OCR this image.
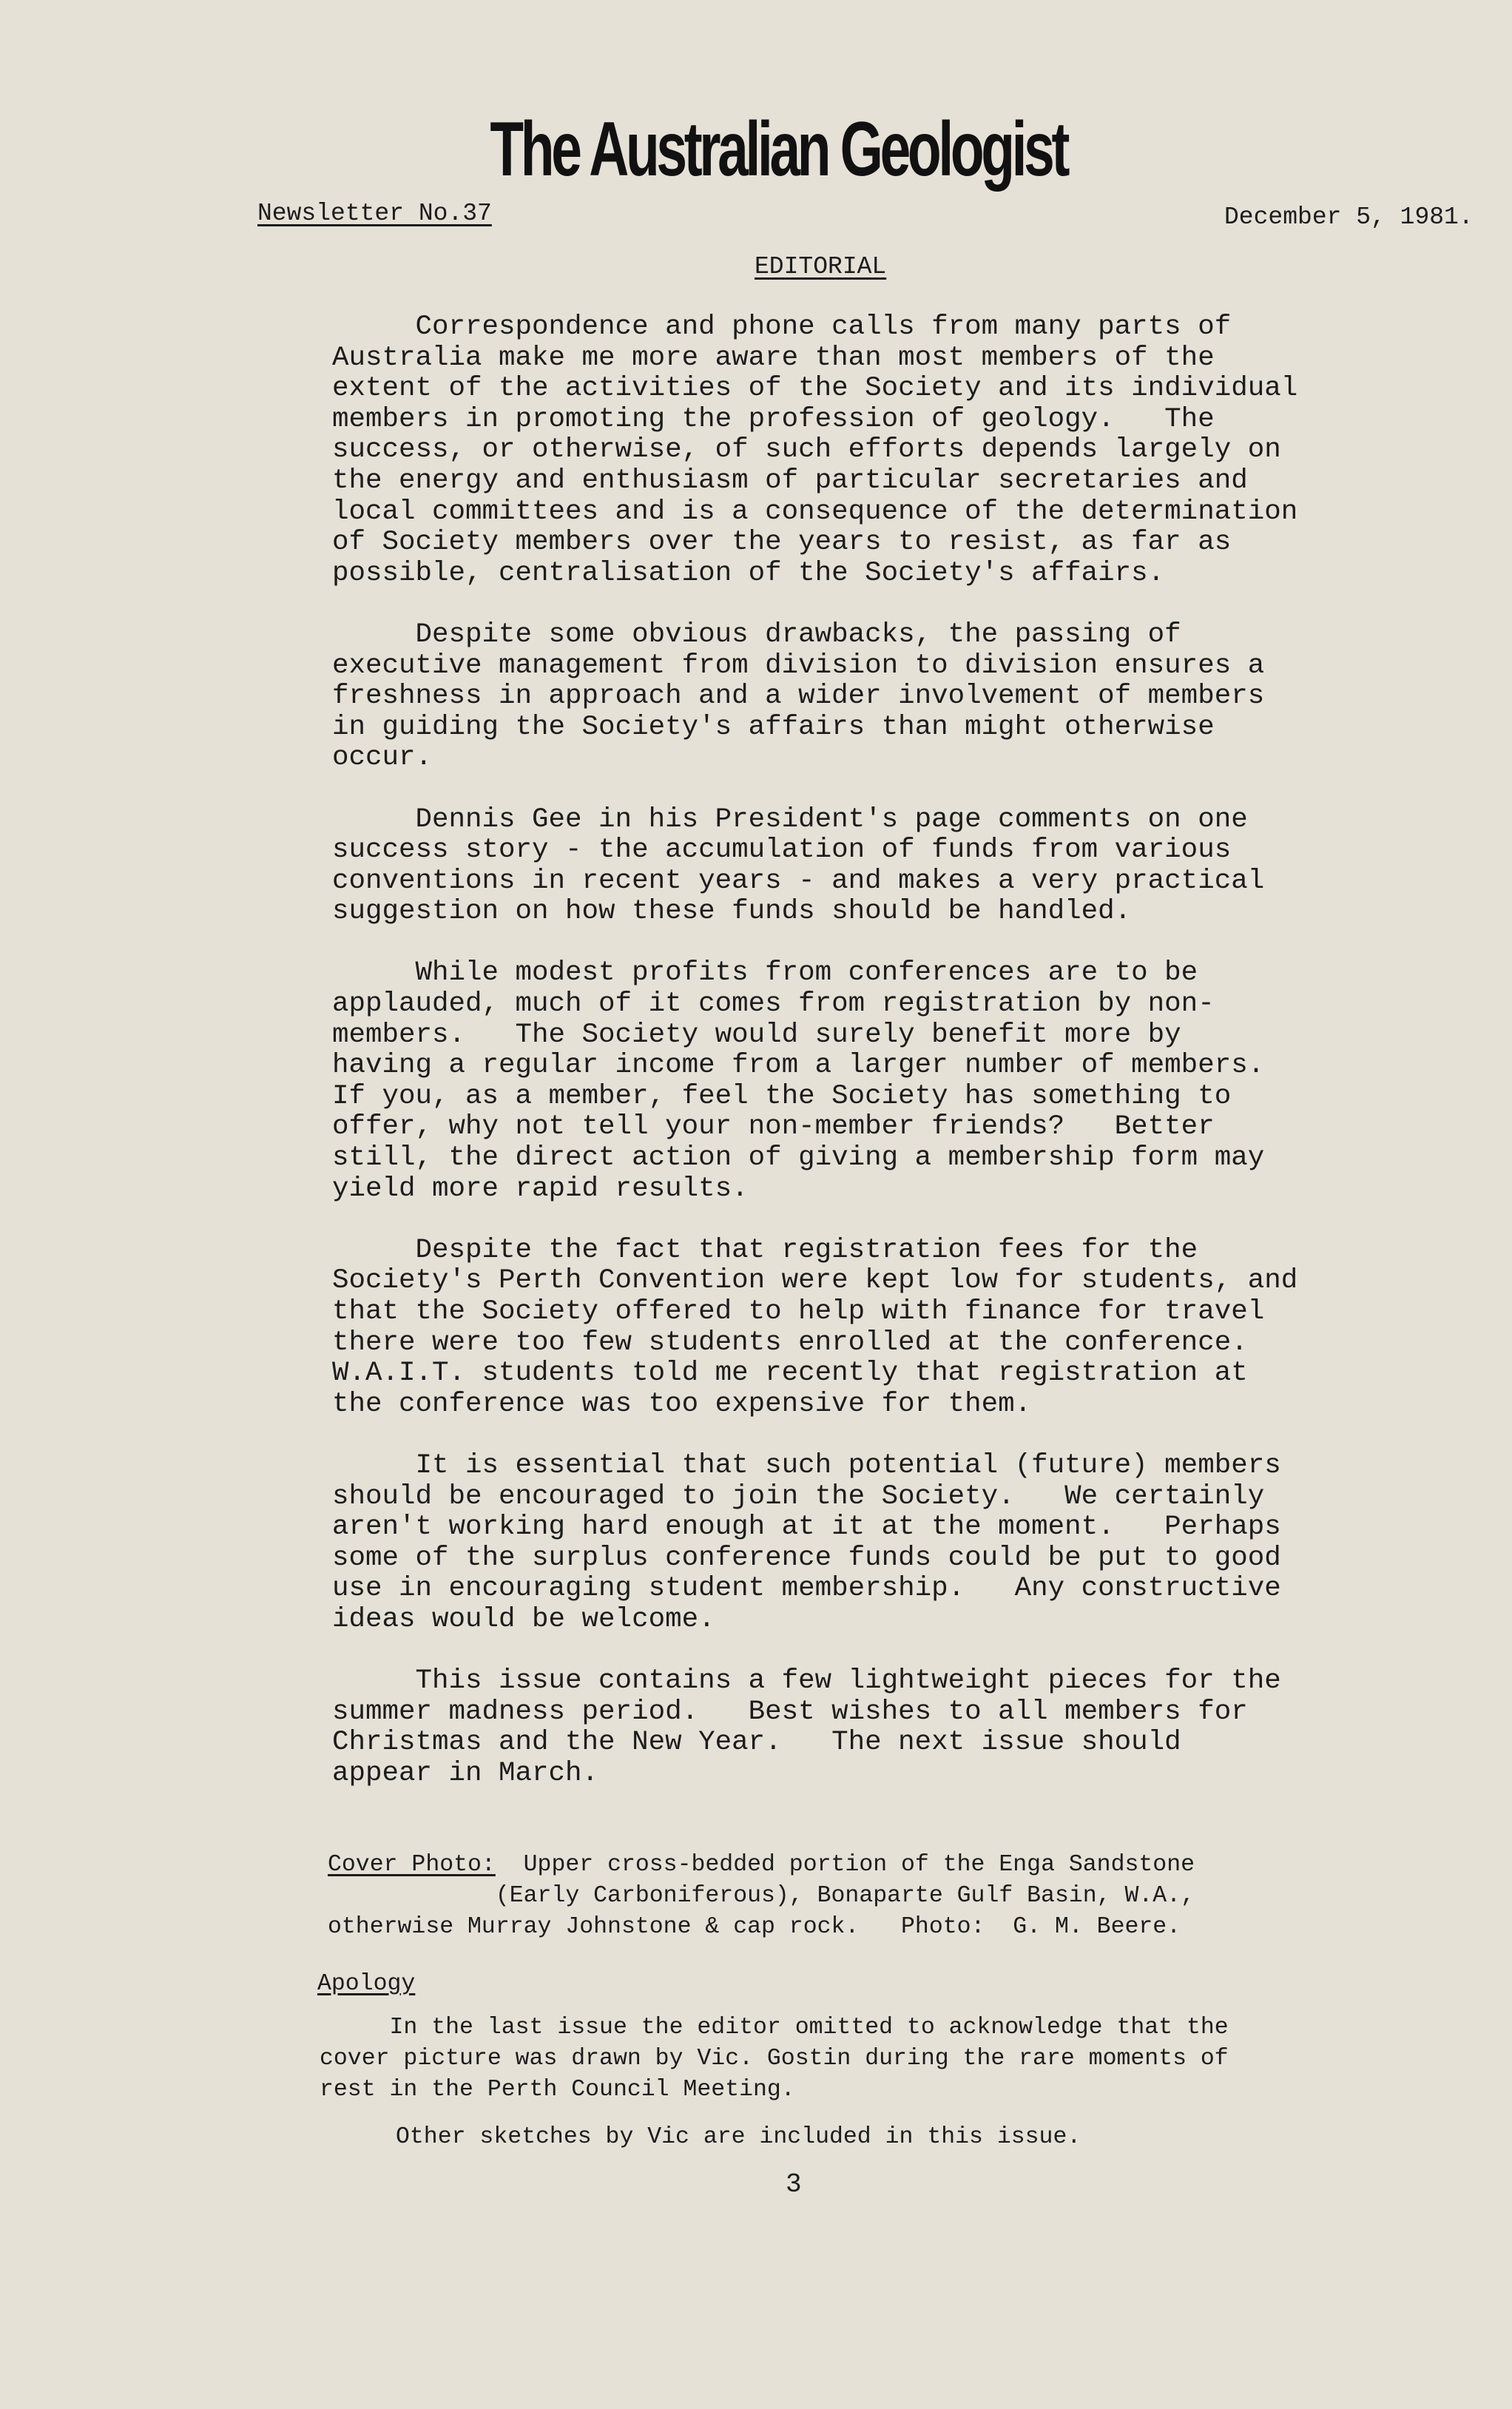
The Australian Geologist
Newsletter No.37	December 5, 1981.
EDITORIAL

Correspondence and phone calls from many parts of
Australia make me more aware than most members of the
extent of the activities of the Society and its individual
members in promoting the profession of geology.   The
success, or otherwise, of such efforts depends largely on
the energy and enthusiasm of particular secretaries and
local committees and is a consequence of the determination
of Society members over the years to resist, as far as
possible, centralisation of the Society's affairs.

Despite some obvious drawbacks, the passing of
executive management from division to division ensures a
freshness in approach and a wider involvement of members
in guiding the Society's affairs than might otherwise
occur.

Dennis Gee in his President's page comments on one
success story - the accumulation of funds from various
conventions in recent years - and makes a very practical
suggestion on how these funds should be handled.

While modest profits from conferences are to be
applauded, much of it comes from registration by non-
members.   The Society would surely benefit more by
having a regular income from a larger number of members.
If you, as a member, feel the Society has something to
offer, why not tell your non-member friends?   Better
still, the direct action of giving a membership form may
yield more rapid results.

Despite the fact that registration fees for the
Society's Perth Convention were kept low for students, and
that the Society offered to help with finance for travel
there were too few students enrolled at the conference.
W.A.I.T. students told me recently that registration at
the conference was too expensive for them.

It is essential that such potential (future) members
should be encouraged to join the Society.   We certainly
aren't working hard enough at it at the moment.   Perhaps
some of the surplus conference funds could be put to good
use in encouraging student membership.   Any constructive
ideas would be welcome.

This issue contains a few lightweight pieces for the
summer madness period.   Best wishes to all members for
Christmas and the New Year.   The next issue should
appear in March.

Cover Photo:  Upper cross-bedded portion of the Enga Sandstone
(Early Carboniferous), Bonaparte Gulf Basin, W.A.,
otherwise Murray Johnstone & cap rock.   Photo:  G. M. Beere.
Apology
In the last issue the editor omitted to acknowledge that the
cover picture was drawn by Vic. Gostin during the rare moments of
rest in the Perth Council Meeting.
Other sketches by Vic are included in this issue.
3
